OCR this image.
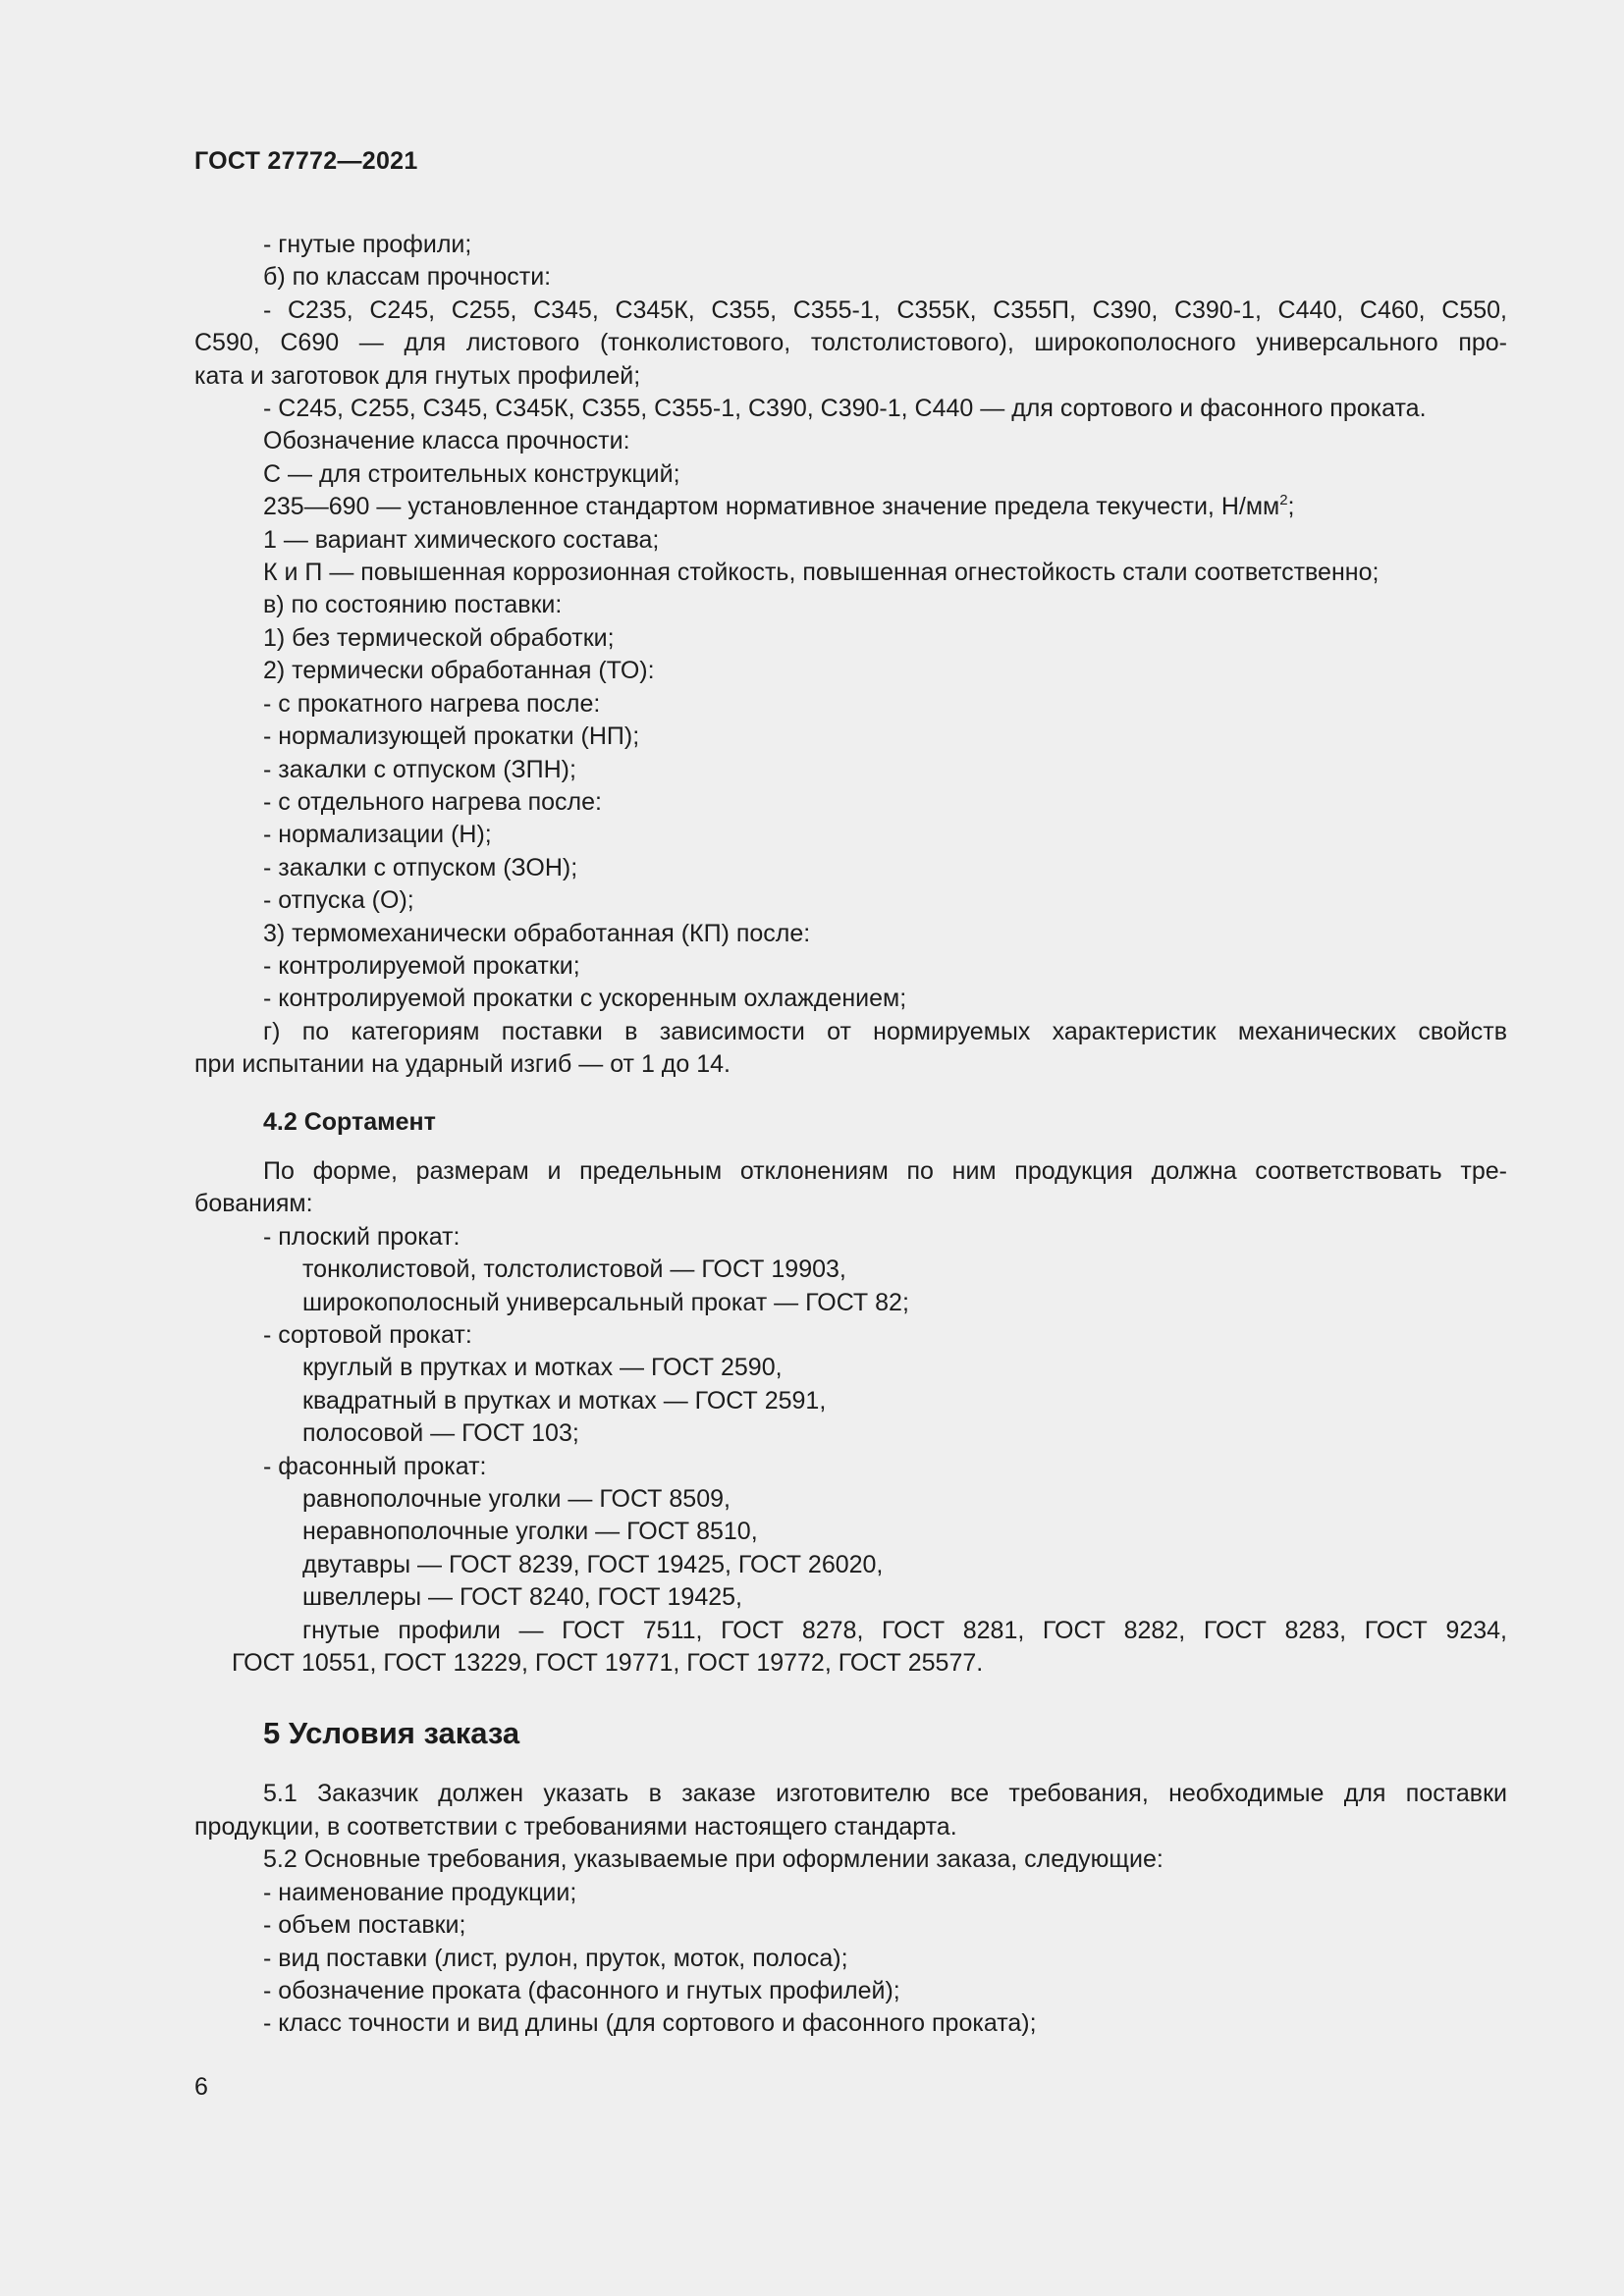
ГОСТ 27772—2021

- гнутые профили;

б) по классам прочности:

- С235, С245, С255, С345, С345К, С355, С355-1, С355К, С355П, С390, С390-1, С440, С460, С550,
С590, С690 — для листового (тонколистового, толстолистового), широкополосного универсального про-
ката и заготовок для гнутых профилей;

- С245, С255, С345, С345К, С355, С355-1, С390, С390-1, С440 — для сортового и фасонного проката.

Обозначение класса прочности:

С — для строительных конструкций;

235—690 — установленное стандартом нормативное значение предела текучести, $Н/мм^2$;

1 — вариант химического состава;

К и П — повышенная коррозионная стойкость, повышенная огнестойкость стали соответственно;

в) по состоянию поставки:

1) без термической обработки;

2) термически обработанная (ТО):

- с прокатного нагрева после:

- нормализующей прокатки (НП);

- закалки с отпуском (ЗПН);

- с отдельного нагрева после:

- нормализации (Н);

- закалки с отпуском (ЗОН);

- отпуска (О);

3) термомеханически обработанная (КП) после:

- контролируемой прокатки;

- контролируемой прокатки с ускоренным охлаждением;

г) по категориям поставки в зависимости от нормируемых характеристик механических свойств
при испытании на ударный изгиб — от 1 до 14.

4.2 Сортамент

По форме, размерам и предельным отклонениям по ним продукция должна соответствовать тре-
бованиям:

- плоский прокат:

тонколистовой, толстолистовой — ГОСТ 19903,

широкополосный универсальный прокат — ГОСТ 82;

- сортовой прокат:

круглый в прутках и мотках — ГОСТ 2590,

квадратный в прутках и мотках — ГОСТ 2591,

полосовой — ГОСТ 103;

- фасонный прокат:

равнополочные уголки — ГОСТ 8509,

неравнополочные уголки — ГОСТ 8510,

двутавры — ГОСТ 8239, ГОСТ 19425, ГОСТ 26020,

швеллеры — ГОСТ 8240, ГОСТ 19425,

гнутые профили — ГОСТ 7511, ГОСТ 8278, ГОСТ 8281, ГОСТ 8282, ГОСТ 8283, ГОСТ 9234,
ГОСТ 10551, ГОСТ 13229, ГОСТ 19771, ГОСТ 19772, ГОСТ 25577.

5 Условия заказа

5.1 Заказчик должен указать в заказе изготовителю все требования, необходимые для поставки
продукции, в соответствии с требованиями настоящего стандарта.

5.2 Основные требования, указываемые при оформлении заказа, следующие:

- наименование продукции;

- объем поставки;

- вид поставки (лист, рулон, пруток, моток, полоса);

- обозначение проката (фасонного и гнутых профилей);

- класс точности и вид длины (для сортового и фасонного проката);

6
